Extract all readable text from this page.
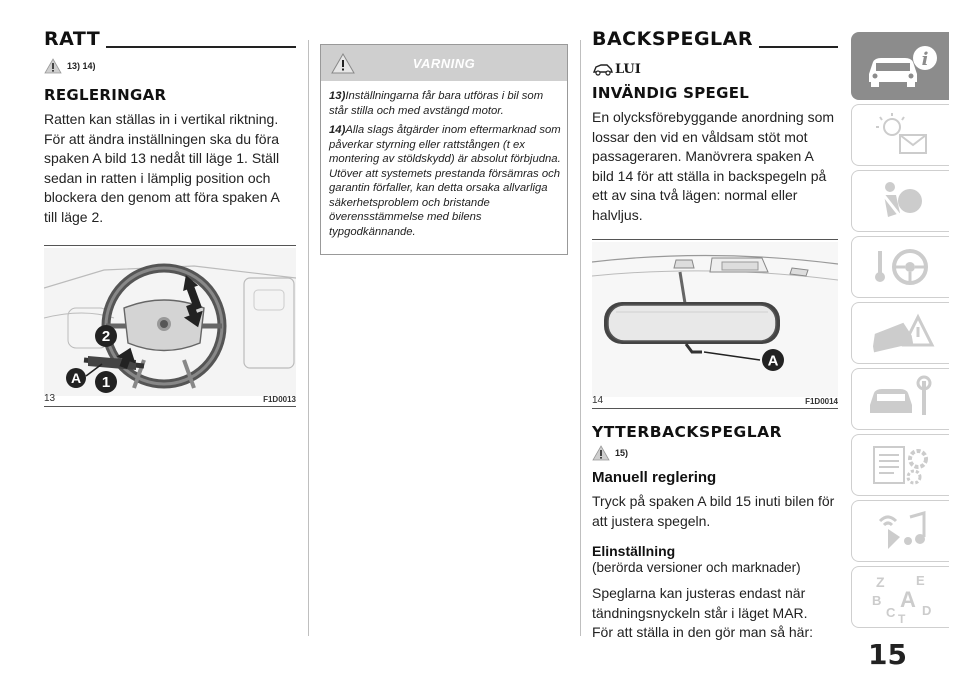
RATT
13) 14)
REGLERINGAR

Ratten kan ställas in i vertikal riktning. För att ändra inställningen ska du föra spaken A bild 13 nedåt till läge 1. Ställ sedan in ratten i lämplig position och blockera den genom att föra spaken A till läge 2.

2
A 1
13	F1D0013
VARNING

13)Inställningarna får bara utföras i bil som står stilla och med avstängd motor.

14)Alla slags åtgärder inom eftermarknad som påverkar styrning eller rattstången (t ex montering av stöldskydd) är absolut förbjudna. Utöver att systemets prestanda försämras och garantin förfaller, kan detta orsaka allvarliga säkerhetsproblem och bristande överensstämmelse med bilens typgodkännande.

BACKSPEGLAR
LUI
INVÄNDIG SPEGEL

En olycksförebyggande anordning som lossar den vid en våldsam stöt mot passageraren. Manövrera spaken A bild 14 för att ställa in backspegeln på ett av sina två lägen: normal eller halvljus.

A
14	F1D0014
YTTERBACKSPEGLAR
15)
Manuell reglering

Tryck på spaken A bild 15 inuti bilen för att justera spegeln.

Elinställning
(berörda versioner och marknader)

Speglarna kan justeras endast när tändningsnyckeln står i läget MAR.

För att ställa in den gör man så här:

i
Z E
B A
C D
T
15
